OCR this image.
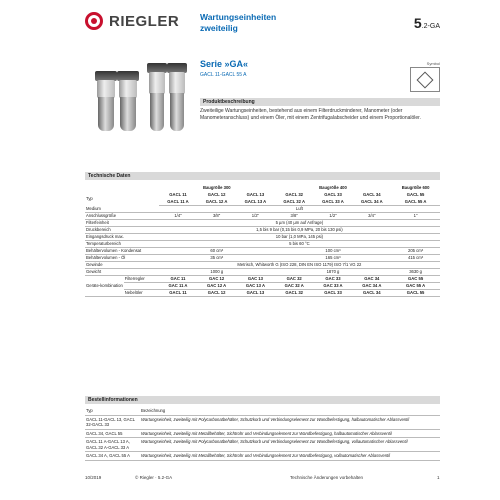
RIEGLER Wartungseinheiten
zweiteilig	5.2-GA
Symbol
Serie »GA«
GACL 11-GACL 55 A
Produktbeschreibung
Zweiteilige Wartungseinheiten, bestehend aus einem Filterdruckminderer, Manometer (oder Manometeranschluss) und einem Öler, mit einem Zentrifugalabscheider und einem Proportionalöler.
Technische Daten
		Baugröße 300			Baugröße 400			Baugröße 600
Typ		GACL 11	GACL 12	GACL 13	GACL 32	GACL 33	GACL 34	GACL 55
		GACL 11 A	GACL 12 A	GACL 13 A	GACL 32 A	GACL 33 A	GACL 34 A	GACL 55 A
Medium		Luft						
Anschlussgröße		1/4"	3/8"	1/2"	3/8"	1/2"	3/4"	1"
Filterfeinheit		5 µm (40 µm auf Anfrage)						
Druckbereich		1,5 bis 9 bar (0,15 bis 0,9 MPa, 20 bis 130 psi)						
Eingangsdruck max.		10 bar (1,0 MPa, 145 psi)						
Temperaturbereich		5 bis 60 °C						
Behältervolumen - Kondensat		60 cm³			100 cm³			205 cm³
Behältervolumen - Öl		35 cm³			165 cm³			415 cm³
Gewinde		Metrisch, Whitworth G (ISO 228, DIN EN ISO 1179) ISO 7/1 VG 22						
Gewicht		1000 g			1870 g			3630 g
Geräte-kombination	Filterregler	GAC 11	GAC 12	GAC 13	GAC 32	GAC 33	GAC 34	GAC 55
		GAC 11 A	GAC 12 A	GAC 13 A	GAC 32 A	GAC 33 A	GAC 34 A	GAC 55 A
	Nebelöler	GACL 11	GACL 12	GACL 13	GACL 32	GACL 33	GACL 34	GACL 55
Bestellinformationen
Typ	Bezeichnung
GACL 11-GACL 13, GACL 32-GACL 33	Wartungseinheit, zweiteilig mit Polycarbonatbehälter, Schutzkorb und Verbindungselement zur Wandbefestigung, halbautomatischer Ablassventil
GACL 34, GACL 55	Wartungseinheit, zweiteilig mit Metallbehälter, Sichtrohr und Verbindungselement zur Wandbefestigung, halbautomatischer Ablassventil
GACL 11 A-GACL 13 A, GACL 32 A-GACL 33 A	Wartungseinheit, zweiteilig mit Polycarbonatbehälter, Schutzkorb und Verbindungselement zur Wandbefestigung, vollautomatischer Ablassventil
GACL 34 A, GACL 55 A	Wartungseinheit, zweiteilig mit Metallbehälter, Sichtrohr und Verbindungselement zur Wandbefestigung, vollautomatischer Ablassventil
10/2019	© Riegler · 5.2-GA	Technische Änderungen vorbehalten	1
